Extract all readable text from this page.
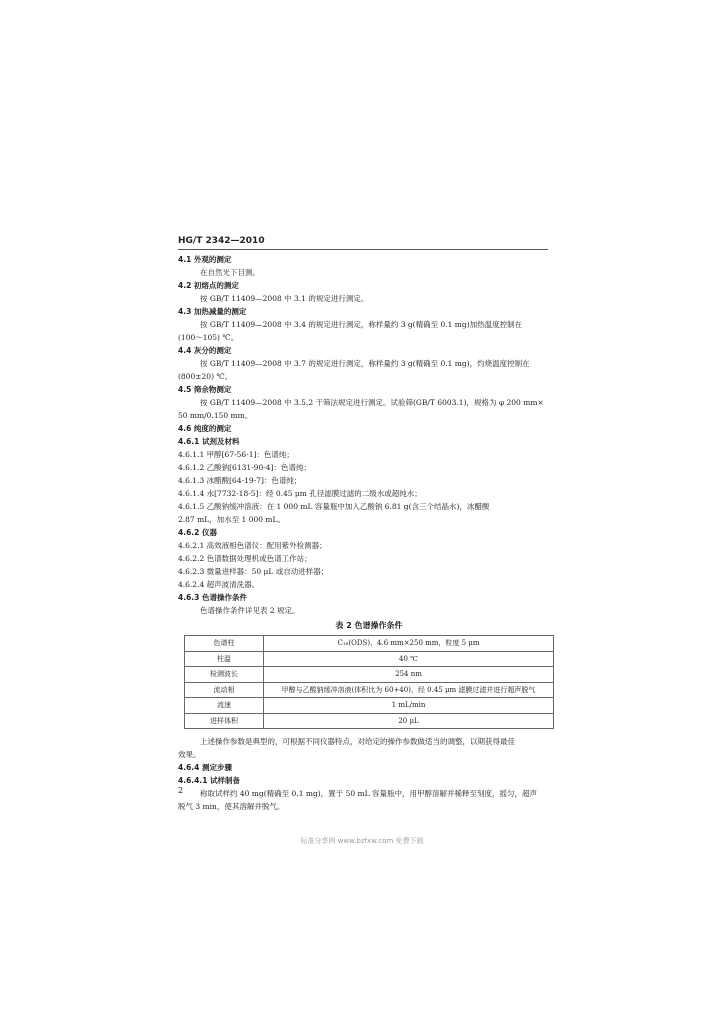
HG/T 2342—2010
4.1 外观的测定
在自然光下目测。
4.2 初熔点的测定
按 GB/T 11409—2008 中 3.1 的规定进行测定。
4.3 加热减量的测定
按 GB/T 11409—2008 中 3.4 的规定进行测定，称样量约 3 g(精确至 0.1 mg)加热温度控制在
(100～105) ℃。
4.4 灰分的测定
按 GB/T 11409—2008 中 3.7 的规定进行测定，称样量约 3 g(精确至 0.1 mg)，灼烧温度控制在
(800±20) ℃。
4.5 筛余物测定
按 GB/T 11409—2008 中 3.5.2 干筛法规定进行测定。试验筛(GB/T 6003.1)，规格为 φ 200 mm×
50 mm/0.150 mm。
4.6 纯度的测定
4.6.1 试剂及材料
4.6.1.1 甲醇[67-56-1]：色谱纯；
4.6.1.2 乙酸钠[6131-90-4]：色谱纯；
4.6.1.3 冰醋酸[64-19-7]：色谱纯；
4.6.1.4 水[7732-18-5]：经 0.45 μm 孔径滤膜过滤的二级水或超纯水；
4.6.1.5 乙酸钠缓冲溶液：在 1 000 mL 容量瓶中加入乙酸钠 6.81 g(含三个结晶水)，冰醋酸
2.87 mL，加水至 1 000 mL。
4.6.2 仪器
4.6.2.1 高效液相色谱仪：配用紫外检测器；
4.6.2.2 色谱数据处理机或色谱工作站；
4.6.2.3 微量进样器：50 μL 或自动进样器；
4.6.2.4 超声波清洗器。
4.6.3 色谱操作条件
色谱操作条件详见表 2 规定。
表 2 色谱操作条件
色谱柱	C₁₈(ODS)，4.6 mm×250 mm，粒度 5 μm
柱温	40 ℃
检测波长	254 nm
流动相	甲醇与乙酸钠缓冲溶液(体积比为 60+40)，经 0.45 μm 滤膜过滤并进行超声脱气
流速	1 mL/min
进样体积	20 μL
上述操作参数是典型的，可根据不同仪器特点，对给定的操作参数做适当的调整，以期获得最佳
效果。
4.6.4 测定步骤
4.6.4.1 试样制备
称取试样约 40 mg(精确至 0.1 mg)，置于 50 mL 容量瓶中，用甲醇溶解并稀释至刻度，摇匀，超声
脱气 3 min，使其溶解并脱气。
2
标准分享网 www.bzfxw.com 免费下载
